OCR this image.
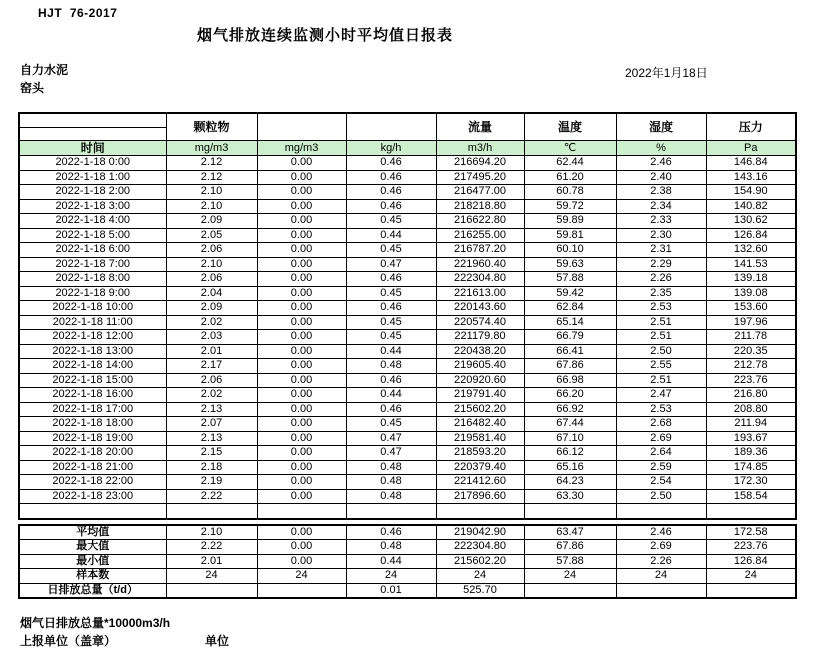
HJT  76-2017
烟气排放连续监测小时平均值日报表
自力水泥
窑头
2022年1月18日
	颗粒物			流量	温度	湿度	压力

时间	mg/m3	mg/m3	kg/h	m3/h	℃	%	Pa
2022-1-18 0:00	2.12	0.00	0.46	216694.20	62.44	2.46	146.84
2022-1-18 1:00	2.12	0.00	0.46	217495.20	61.20	2.40	143.16
2022-1-18 2:00	2.10	0.00	0.46	216477.00	60.78	2.38	154.90
2022-1-18 3:00	2.10	0.00	0.46	218218.80	59.72	2.34	140.82
2022-1-18 4:00	2.09	0.00	0.45	216622.80	59.89	2.33	130.62
2022-1-18 5:00	2.05	0.00	0.44	216255.00	59.81	2.30	126.84
2022-1-18 6:00	2.06	0.00	0.45	216787.20	60.10	2.31	132.60
2022-1-18 7:00	2.10	0.00	0.47	221960.40	59.63	2.29	141.53
2022-1-18 8:00	2.06	0.00	0.46	222304.80	57.88	2.26	139.18
2022-1-18 9:00	2.04	0.00	0.45	221613.00	59.42	2.35	139.08
2022-1-18 10:00	2.09	0.00	0.46	220143.60	62.84	2.53	153.60
2022-1-18 11:00	2.02	0.00	0.45	220574.40	65.14	2.51	197.96
2022-1-18 12:00	2.03	0.00	0.45	221179.80	66.79	2.51	211.78
2022-1-18 13:00	2.01	0.00	0.44	220438.20	66.41	2.50	220.35
2022-1-18 14:00	2.17	0.00	0.48	219605.40	67.86	2.55	212.78
2022-1-18 15:00	2.06	0.00	0.46	220920.60	66.98	2.51	223.76
2022-1-18 16:00	2.02	0.00	0.44	219791.40	66.20	2.47	216.80
2022-1-18 17:00	2.13	0.00	0.46	215602.20	66.92	2.53	208.80
2022-1-18 18:00	2.07	0.00	0.45	216482.40	67.44	2.68	211.94
2022-1-18 19:00	2.13	0.00	0.47	219581.40	67.10	2.69	193.67
2022-1-18 20:00	2.15	0.00	0.47	218593.20	66.12	2.64	189.36
2022-1-18 21:00	2.18	0.00	0.48	220379.40	65.16	2.59	174.85
2022-1-18 22:00	2.19	0.00	0.48	221412.60	64.23	2.54	172.30
2022-1-18 23:00	2.22	0.00	0.48	217896.60	63.30	2.50	158.54

平均值	2.10	0.00	0.46	219042.90	63.47	2.46	172.58
最大值	2.22	0.00	0.48	222304.80	67.86	2.69	223.76
最小值	2.01	0.00	0.44	215602.20	57.88	2.26	126.84
样本数	24	24	24	24	24	24	24
日排放总量（t/d）			0.01	525.70			
烟气日排放总量*10000m3/h
上报单位（盖章）	单位
